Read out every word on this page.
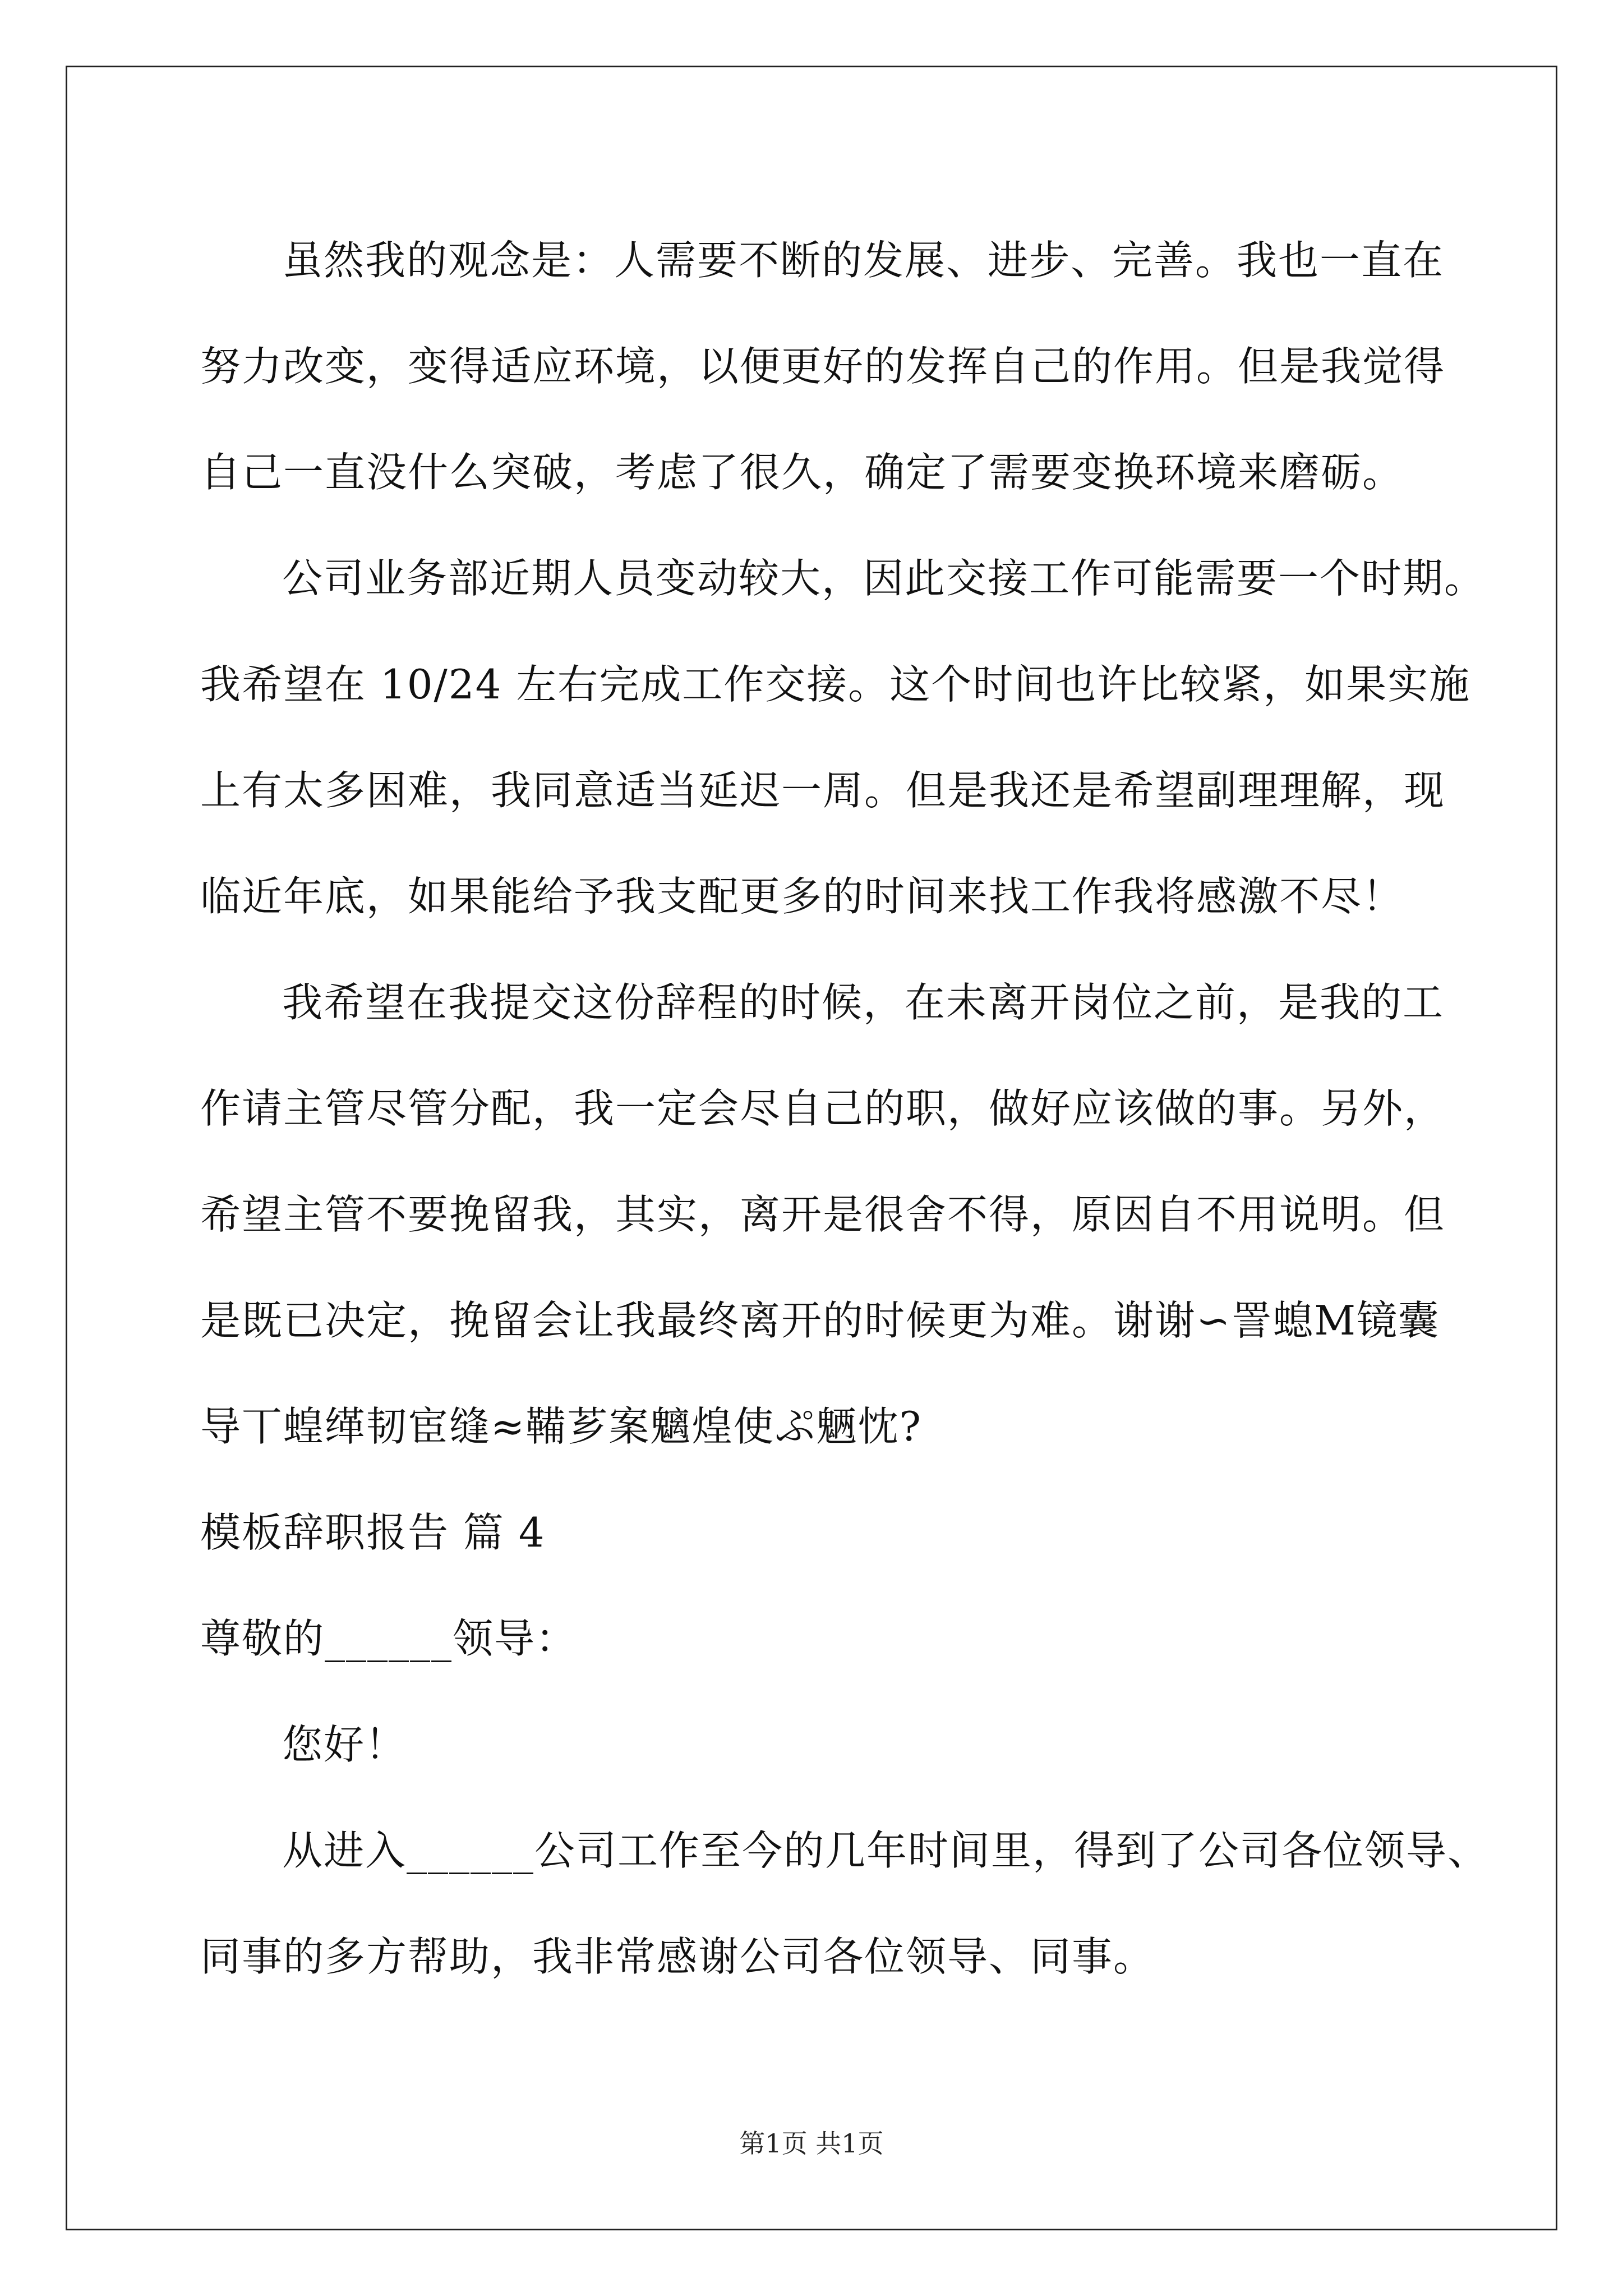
虽然我的观念是：人需要不断的发展、进步、完善。我也一直在
努力改变，变得适应环境，以便更好的发挥自己的作用。但是我觉得
自己一直没什么突破，考虑了很久，确定了需要变换环境来磨砺。
公司业务部近期人员变动较大，因此交接工作可能需要一个时期。
我希望在 10/24 左右完成工作交接。这个时间也许比较紧，如果实施
上有太多困难，我同意适当延迟一周。但是我还是希望副理理解，现
临近年底，如果能给予我支配更多的时间来找工作我将感激不尽！
我希望在我提交这份辞程的时候，在未离开岗位之前，是我的工
作请主管尽管分配，我一定会尽自己的职，做好应该做的事。另外，
希望主管不要挽留我，其实，离开是很舍不得，原因自不用说明。但
是既已决定，挽留会让我最终离开的时候更为难。谢谢∽詈螅Μ镜囊
导丅蝗缂韧宦缝≈鞴芗案魑煌使ぷ魉忱?
模板辞职报告 篇 4
尊敬的______领导：
您好！
从进入______公司工作至今的几年时间里，得到了公司各位领导、
同事的多方帮助，我非常感谢公司各位领导、同事。
第1页 共1页
